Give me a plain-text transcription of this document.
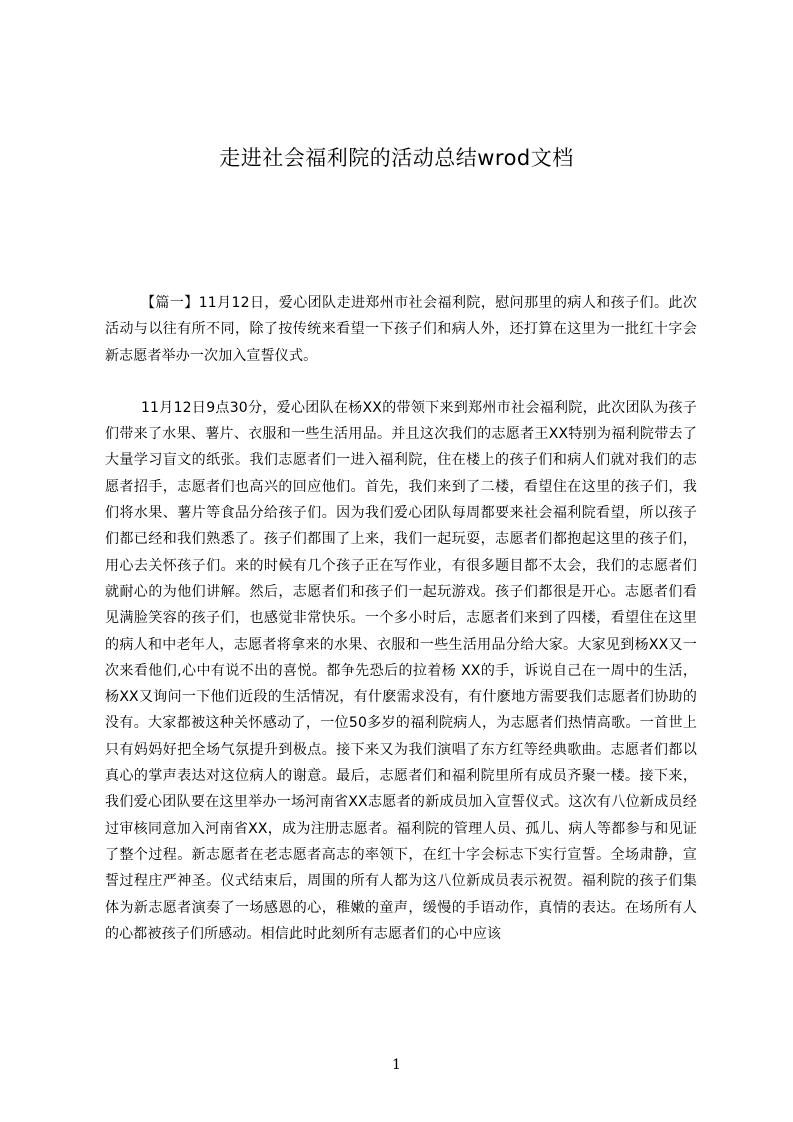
走进社会福利院的活动总结wrod文档

【篇一】11月12日，爱心团队走进郑州市社会福利院，慰问那里的病人和孩子们。此次活动与以往有所不同，除了按传统来看望一下孩子们和病人外，还打算在这里为一批红十字会新志愿者举办一次加入宣誓仪式。

11月12日9点30分，爱心团队在杨XX的带领下来到郑州市社会福利院，此次团队为孩子们带来了水果、薯片、衣服和一些生活用品。并且这次我们的志愿者王XX特别为福利院带去了大量学习盲文的纸张。我们志愿者们一进入福利院，住在楼上的孩子们和病人们就对我们的志愿者招手，志愿者们也高兴的回应他们。首先，我们来到了二楼，看望住在这里的孩子们，我们将水果、薯片等食品分给孩子们。因为我们爱心团队每周都要来社会福利院看望，所以孩子们都已经和我们熟悉了。孩子们都围了上来，我们一起玩耍，志愿者们都抱起这里的孩子们，用心去关怀孩子们。来的时候有几个孩子正在写作业，有很多题目都不太会，我们的志愿者们就耐心的为他们讲解。然后，志愿者们和孩子们一起玩游戏。孩子们都很是开心。志愿者们看见满脸笑容的孩子们，也感觉非常快乐。一个多小时后，志愿者们来到了四楼，看望住在这里的病人和中老年人，志愿者将拿来的水果、衣服和一些生活用品分给大家。大家见到杨XX又一次来看他们,心中有说不出的喜悦。都争先恐后的拉着杨 XX的手，诉说自己在一周中的生活，杨XX又询问一下他们近段的生活情况，有什麽需求没有，有什麽地方需要我们志愿者们协助的没有。大家都被这种关怀感动了，一位50多岁的福利院病人，为志愿者们热情高歌。一首世上只有妈妈好把全场气氛提升到极点。接下来又为我们演唱了东方红等经典歌曲。志愿者们都以真心的掌声表达对这位病人的谢意。最后，志愿者们和福利院里所有成员齐聚一楼。接下来，我们爱心团队要在这里举办一场河南省XX志愿者的新成员加入宣誓仪式。这次有八位新成员经过审核同意加入河南省XX，成为注册志愿者。福利院的管理人员、孤儿、病人等都参与和见证了整个过程。新志愿者在老志愿者高志的率领下，在红十字会标志下实行宣誓。全场肃静，宣誓过程庄严神圣。仪式结束后，周围的所有人都为这八位新成员表示祝贺。福利院的孩子们集体为新志愿者演奏了一场感恩的心，稚嫩的童声，缓慢的手语动作，真情的表达。在场所有人的心都被孩子们所感动。相信此时此刻所有志愿者们的心中应该

1
